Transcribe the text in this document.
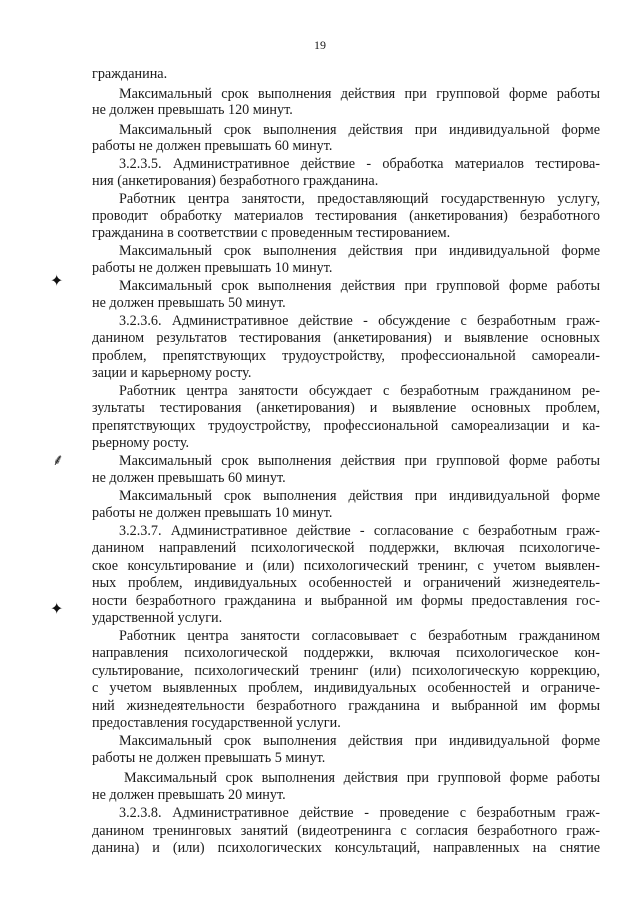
19
✦
⸙
✦
гражданина.
Максимальный срок выполнения действия при групповой форме работы
не должен превышать 120 минут.
Максимальный срок выполнения действия при индивидуальной форме
работы не должен превышать 60 минут.
3.2.3.5. Административное действие - обработка материалов тестирова-
ния (анкетирования) безработного гражданина.
Работник центра занятости, предоставляющий государственную услугу,
проводит обработку материалов тестирования (анкетирования) безработного
гражданина в соответствии с проведенным тестированием.
Максимальный срок выполнения действия при индивидуальной форме
работы не должен превышать 10 минут.
Максимальный срок выполнения действия при групповой форме работы
не должен превышать 50 минут.
3.2.3.6. Административное действие - обсуждение с безработным граж-
данином результатов тестирования (анкетирования) и выявление основных
проблем, препятствующих трудоустройству, профессиональной самореали-
зации и карьерному росту.
Работник центра занятости обсуждает с безработным гражданином ре-
зультаты тестирования (анкетирования) и выявление основных проблем,
препятствующих трудоустройству, профессиональной самореализации и ка-
рьерному росту.
Максимальный срок выполнения действия при групповой форме работы
не должен превышать 60 минут.
Максимальный срок выполнения действия при индивидуальной форме
работы не должен превышать 10 минут.
3.2.3.7. Административное действие - согласование с безработным граж-
данином направлений психологической поддержки, включая психологиче-
ское консультирование и (или) психологический тренинг, с учетом выявлен-
ных проблем, индивидуальных особенностей и ограничений жизнедеятель-
ности безработного гражданина и выбранной им формы предоставления гос-
ударственной услуги.
Работник центра занятости согласовывает с безработным гражданином
направления психологической поддержки, включая психологическое кон-
сультирование, психологический тренинг (или) психологическую коррекцию,
с учетом выявленных проблем, индивидуальных особенностей и ограниче-
ний жизнедеятельности безработного гражданина и выбранной им формы
предоставления государственной услуги.
Максимальный срок выполнения действия при индивидуальной форме
работы не должен превышать 5 минут.
Максимальный срок выполнения действия при групповой форме работы
не должен превышать 20 минут.
3.2.3.8. Административное действие - проведение с безработным граж-
данином тренинговых занятий (видеотренинга с согласия безработного граж-
данина) и (или) психологических консультаций, направленных на снятие
